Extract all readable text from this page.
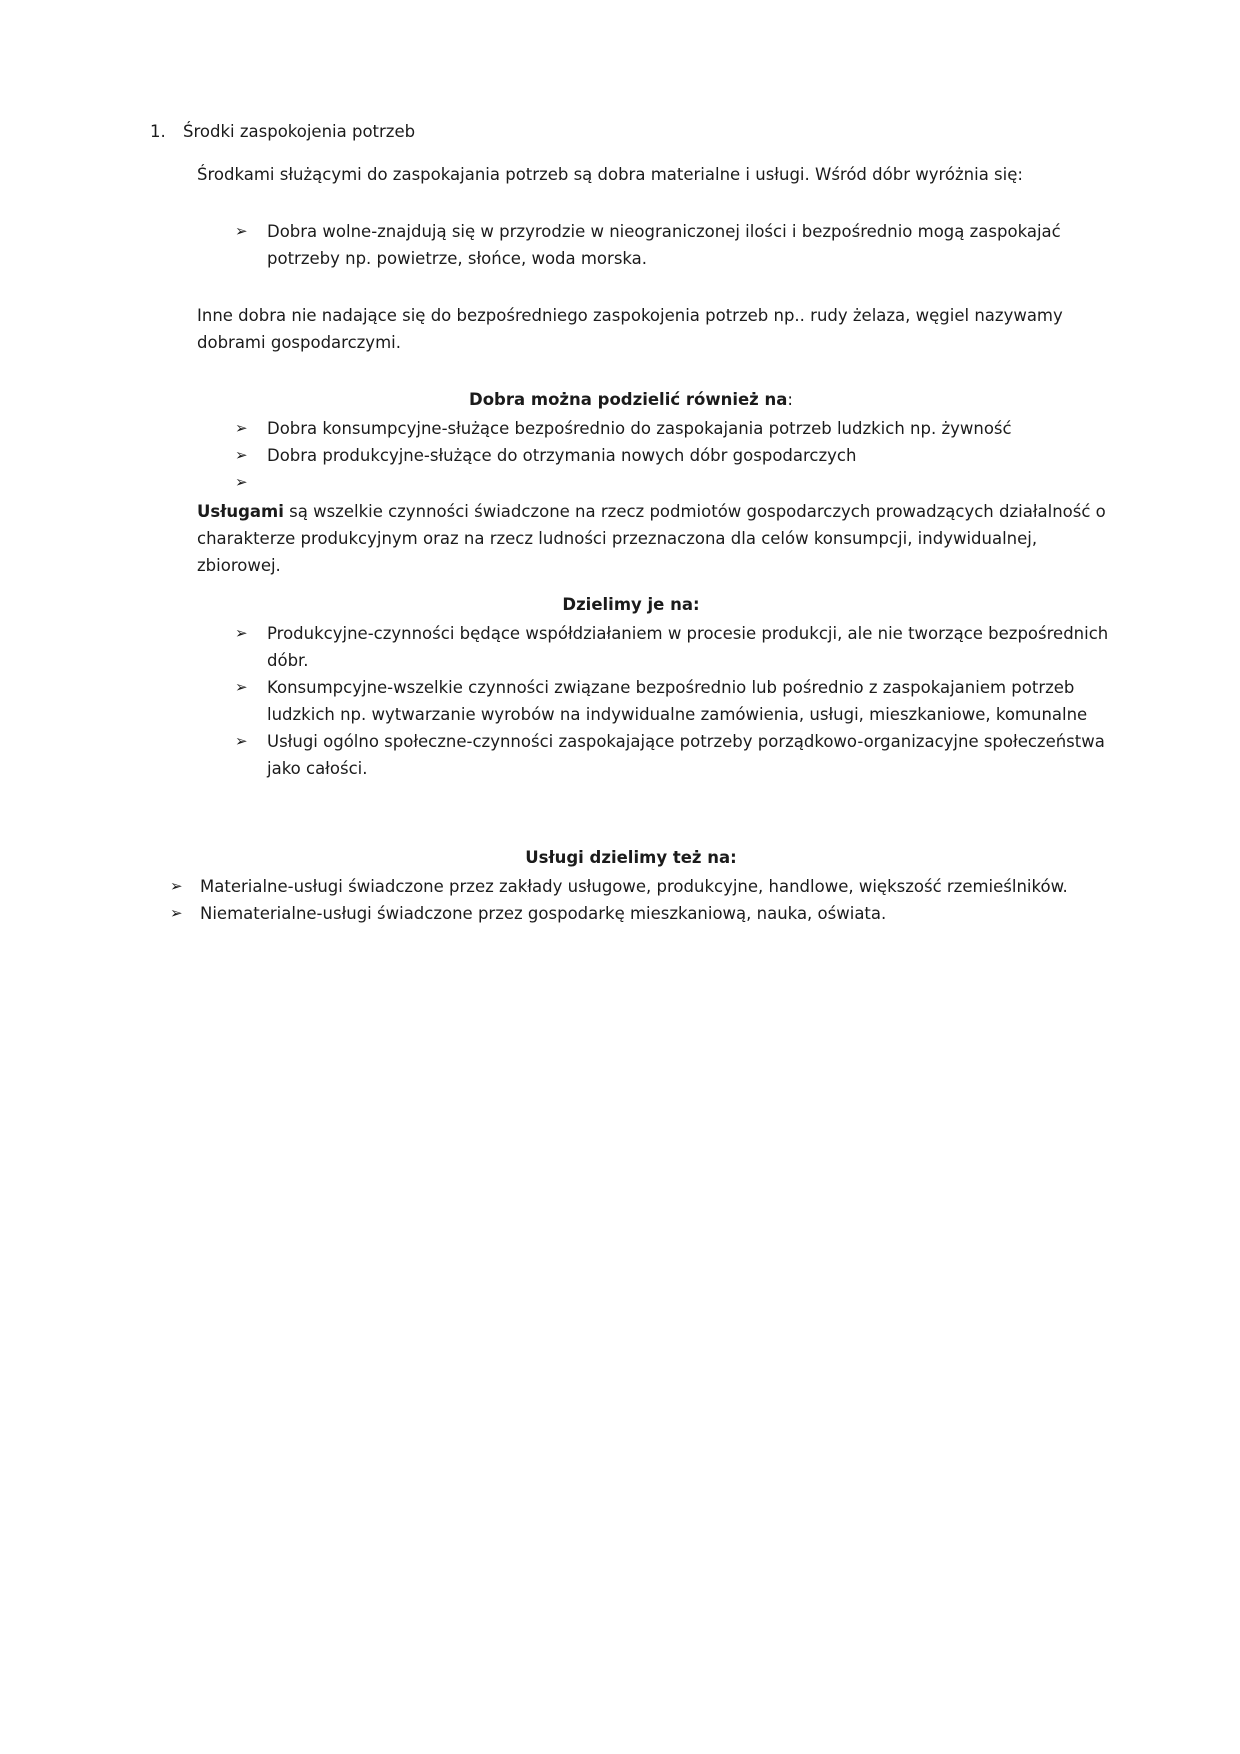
1.	Środki zaspokojenia potrzeb

Środkami służącymi do zaspokajania potrzeb są dobra materialne i usługi. Wśród dóbr wyróżnia się:

➢	Dobra wolne-znajdują się w przyrodzie w nieograniczonej ilości i bezpośrednio mogą zaspokajać potrzeby np. powietrze, słońce, woda morska.

Inne dobra nie nadające się do bezpośredniego zaspokojenia potrzeb np.. rudy żelaza, węgiel nazywamy dobrami gospodarczymi.

Dobra można podzielić również na:
➢	Dobra konsumpcyjne-służące bezpośrednio do zaspokajania potrzeb ludzkich np. żywność
➢	Dobra produkcyjne-służące do otrzymania nowych dóbr gospodarczych
➢

Usługami są wszelkie czynności świadczone na rzecz podmiotów gospodarczych prowadzących działalność o charakterze produkcyjnym oraz na rzecz ludności przeznaczona dla celów konsumpcji, indywidualnej, zbiorowej.

Dzielimy je na:
➢	Produkcyjne-czynności będące współdziałaniem w procesie produkcji, ale nie tworzące bezpośrednich dóbr.
➢	Konsumpcyjne-wszelkie czynności związane bezpośrednio lub pośrednio z zaspokajaniem potrzeb ludzkich np. wytwarzanie wyrobów na indywidualne zamówienia, usługi, mieszkaniowe, komunalne
➢	Usługi ogólno społeczne-czynności zaspokajające potrzeby porządkowo-organizacyjne społeczeństwa jako całości.
Usługi dzielimy też na:
➢	Materialne-usługi świadczone przez zakłady usługowe, produkcyjne, handlowe, większość rzemieślników.
➢	Niematerialne-usługi świadczone przez gospodarkę mieszkaniową, nauka, oświata.
